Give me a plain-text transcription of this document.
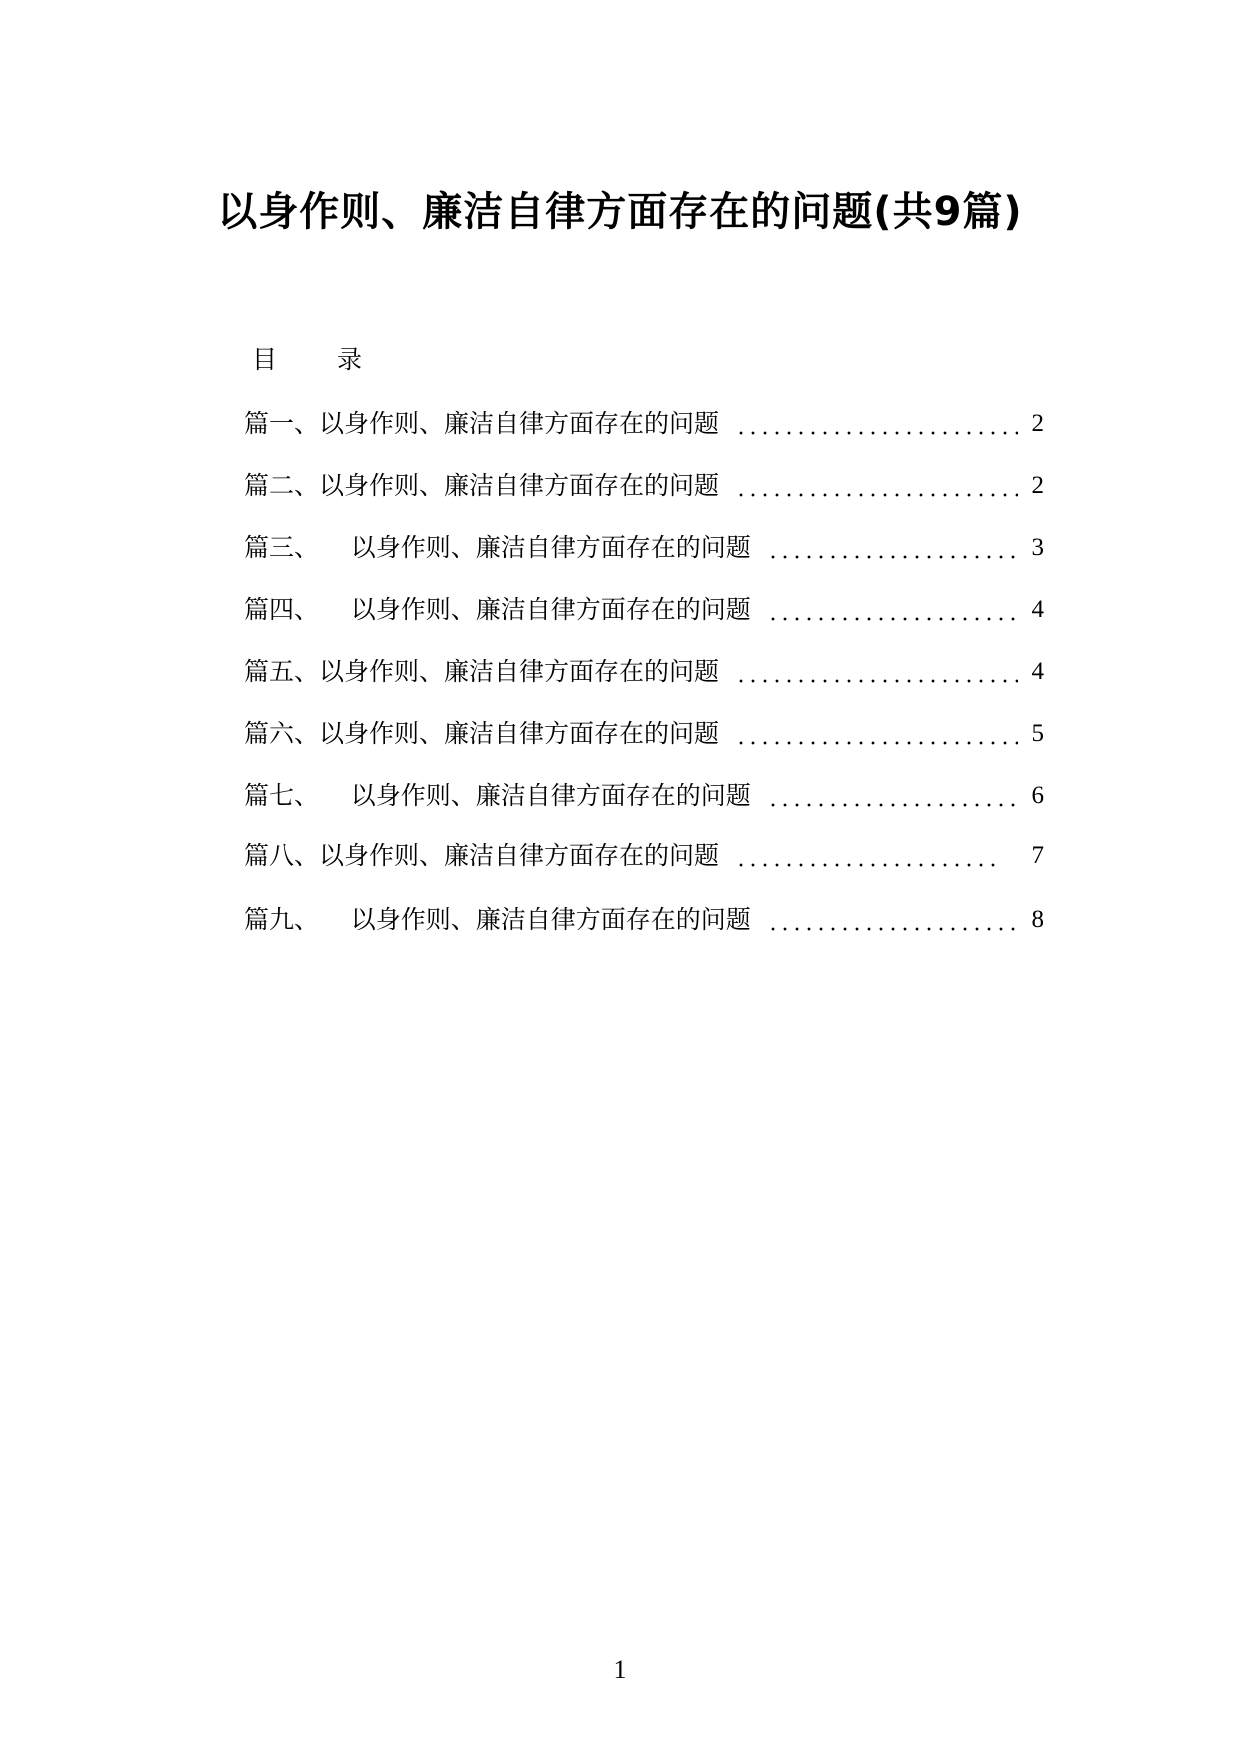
以身作则、廉洁自律方面存在的问题(共9篇)
目 录
篇一、 以身作则、廉洁自律方面存在的问题	2
篇二、 以身作则、廉洁自律方面存在的问题	2
篇三、 以身作则、廉洁自律方面存在的问题	3
篇四、 以身作则、廉洁自律方面存在的问题	4
篇五、 以身作则、廉洁自律方面存在的问题	4
篇六、 以身作则、廉洁自律方面存在的问题	5
篇七、 以身作则、廉洁自律方面存在的问题	6
篇八、 以身作则、廉洁自律方面存在的问题	7
篇九、 以身作则、廉洁自律方面存在的问题	8
1
